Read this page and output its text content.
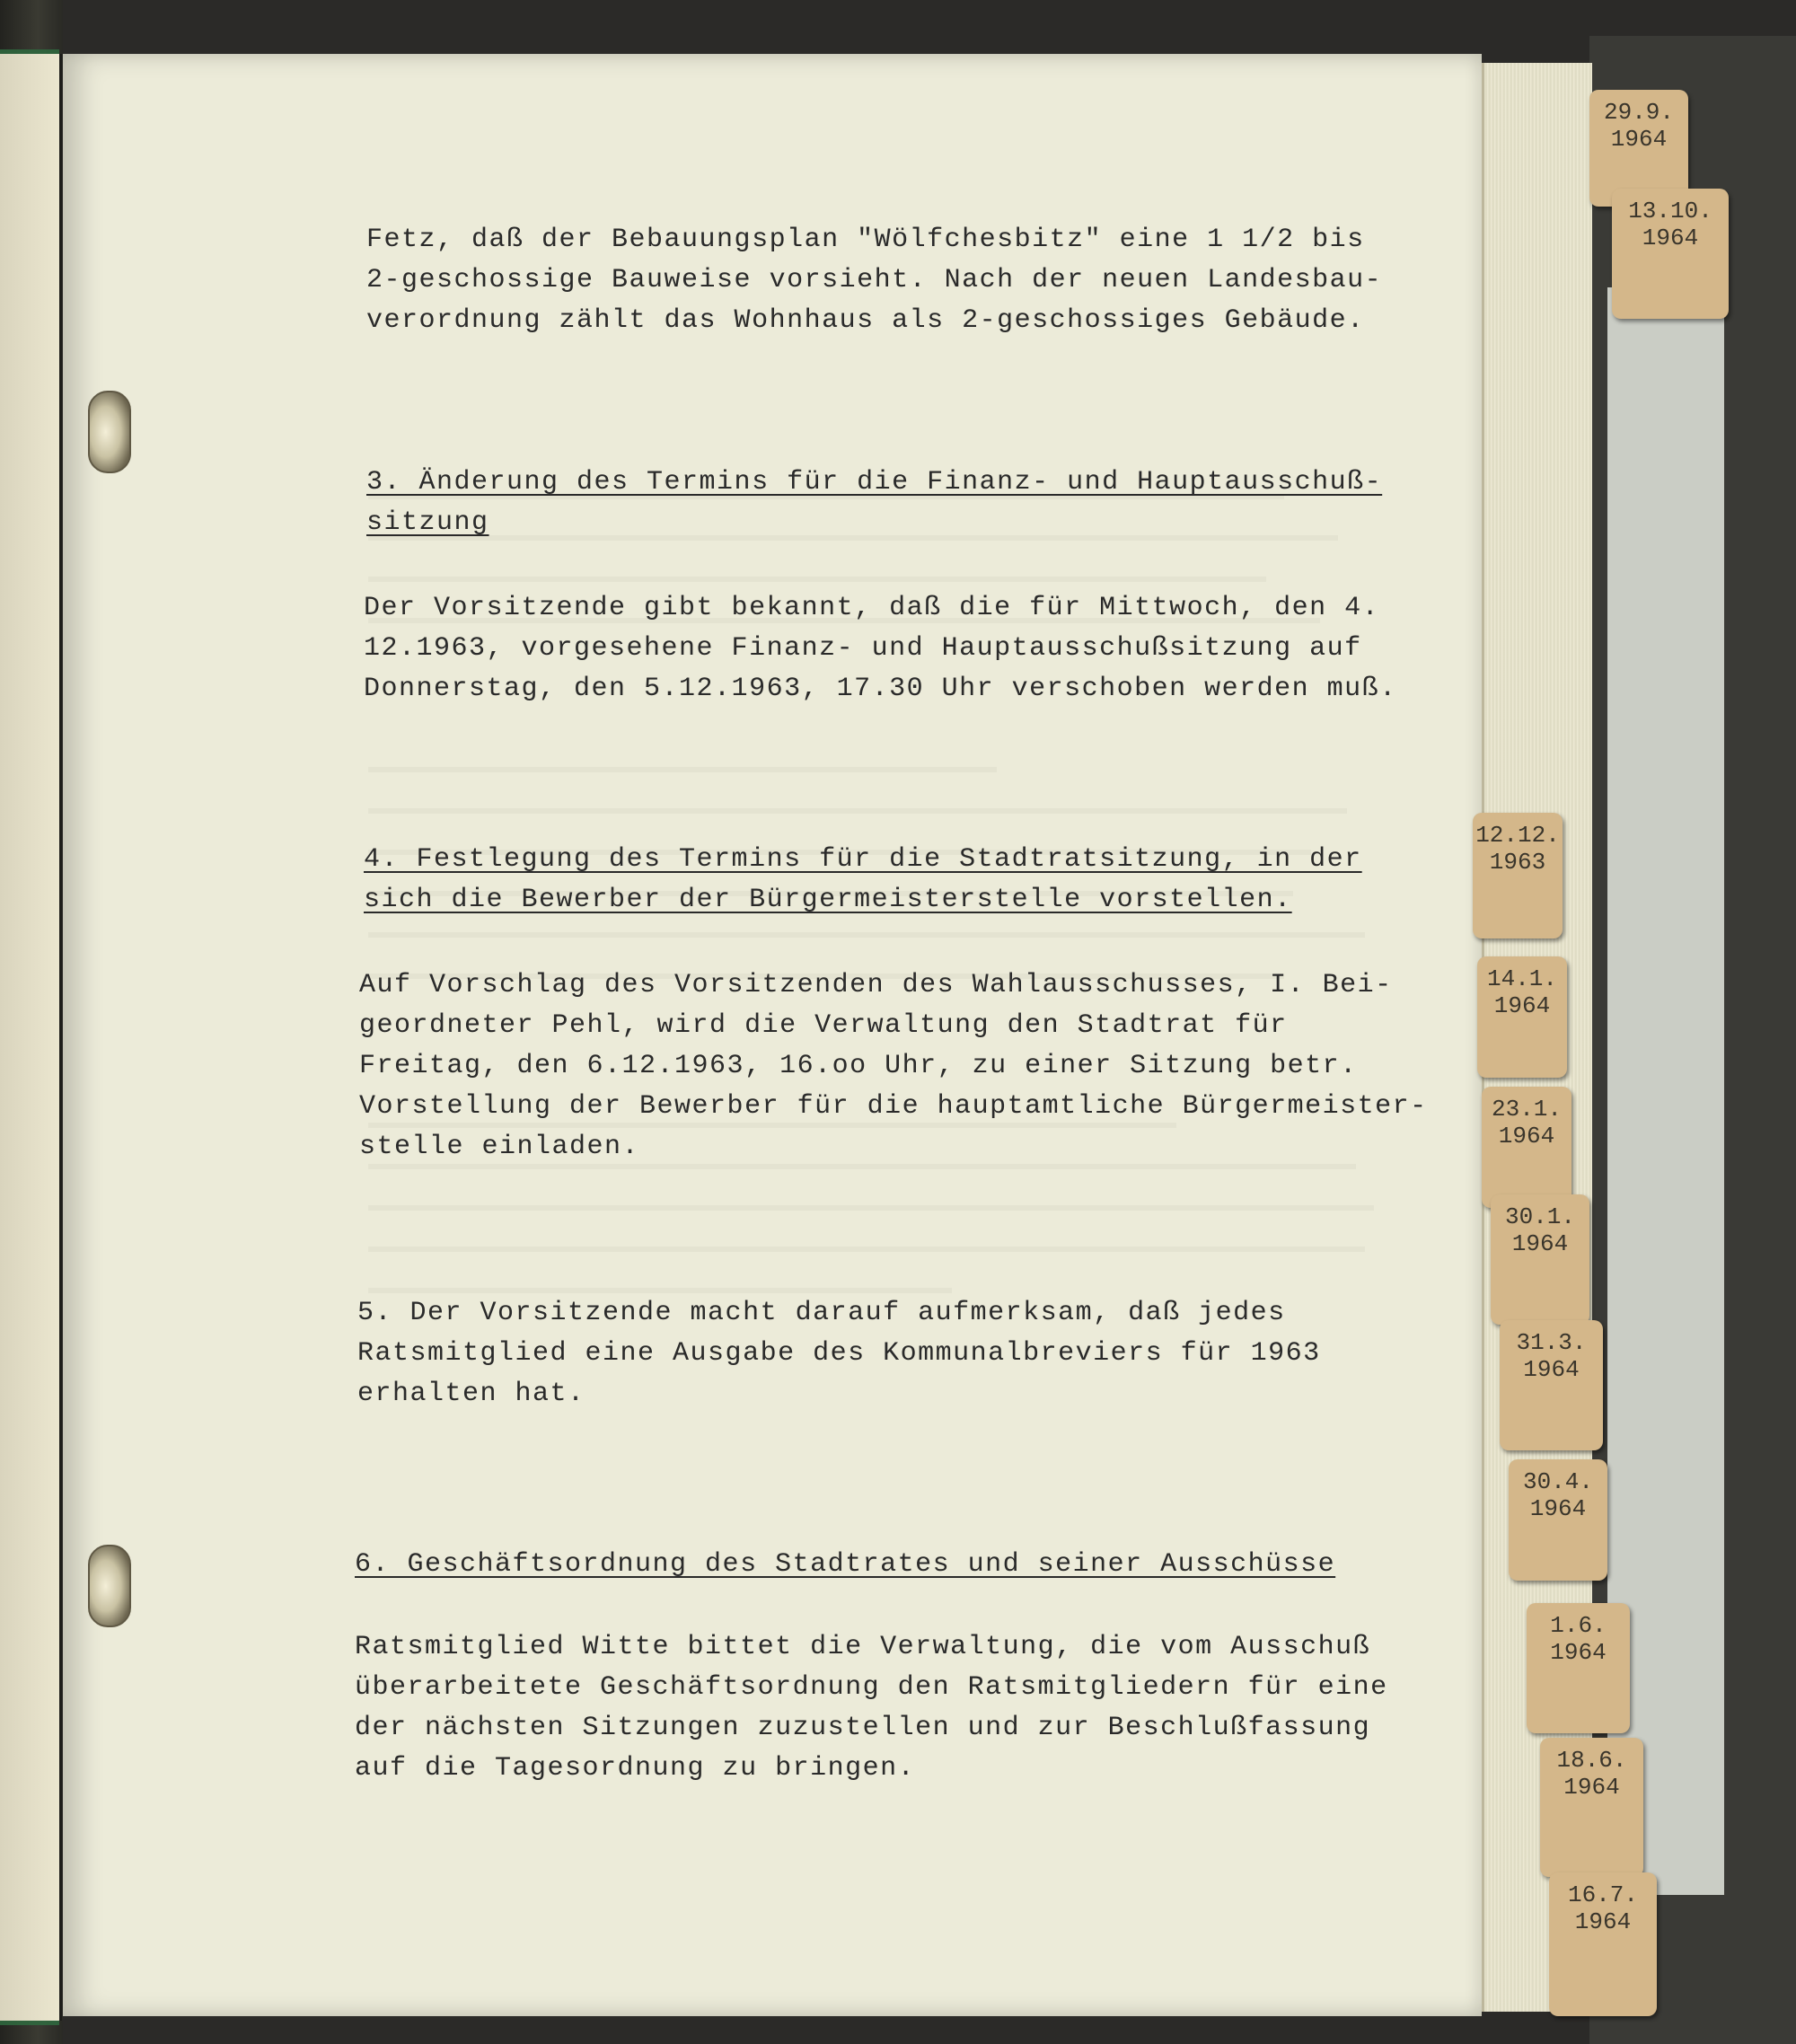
Fetz, daß der Bebauungsplan "Wölfchesbitz" eine 1 1/2 bis
2-geschossige Bauweise vorsieht. Nach der neuen Landesbau-
verordnung zählt das Wohnhaus als 2-geschossiges Gebäude.
3. Änderung des Termins für die Finanz- und Hauptausschuß-
sitzung
Der Vorsitzende gibt bekannt, daß die für Mittwoch, den 4.
12.1963, vorgesehene Finanz- und Hauptausschußsitzung auf
Donnerstag, den 5.12.1963, 17.30 Uhr verschoben werden muß.
4. Festlegung des Termins für die Stadtratsitzung, in der
sich die Bewerber der Bürgermeisterstelle vorstellen.
Auf Vorschlag des Vorsitzenden des Wahlausschusses, I. Bei-
geordneter Pehl, wird die Verwaltung den Stadtrat für
Freitag, den 6.12.1963, 16.oo Uhr, zu einer Sitzung betr.
Vorstellung der Bewerber für die hauptamtliche Bürgermeister-
stelle einladen.
5. Der Vorsitzende macht darauf aufmerksam, daß jedes
Ratsmitglied eine Ausgabe des Kommunalbreviers für 1963
erhalten hat.
6. Geschäftsordnung des Stadtrates und seiner Ausschüsse
Ratsmitglied Witte bittet die Verwaltung, die vom Ausschuß
überarbeitete Geschäftsordnung den Ratsmitgliedern für eine
der nächsten Sitzungen zuzustellen und zur Beschlußfassung
auf die Tagesordnung zu bringen.
29.9.
1964
13.10.
1964
12.12.
1963
14.1.
1964
23.1.
1964
30.1.
1964
31.3.
1964
30.4.
1964
1.6.
1964
18.6.
1964
16.7.
1964
